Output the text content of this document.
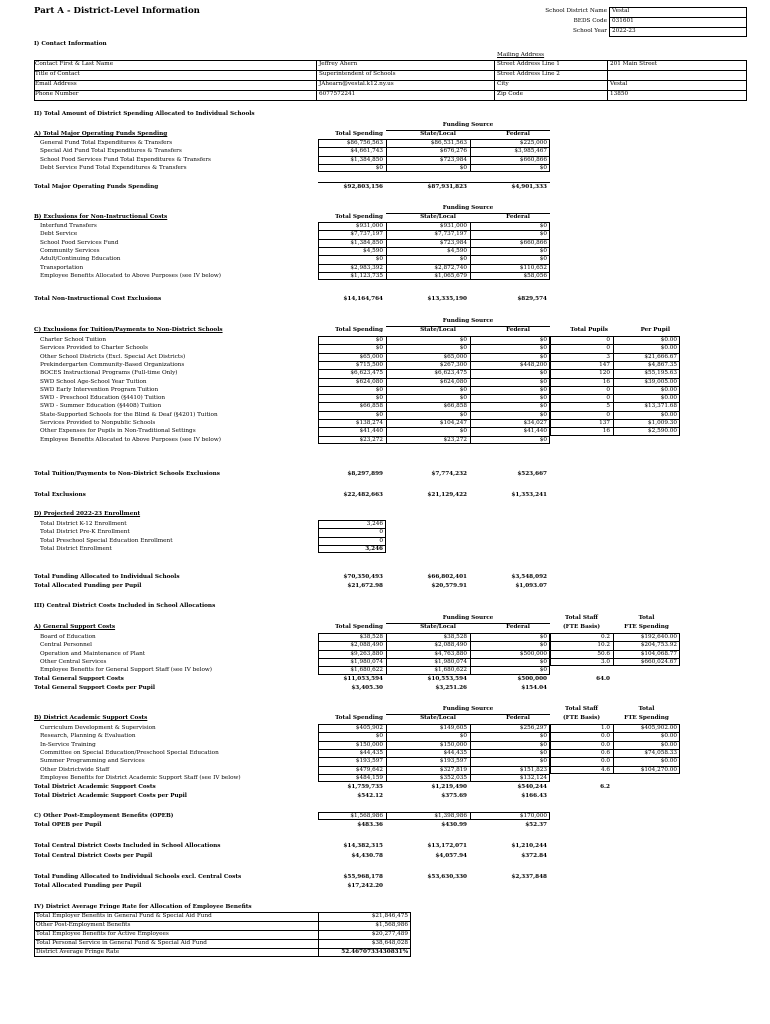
Part A - District-Level Information	School District Name Vestal
BEDS Code 031601
School Year 2022-23
I) Contact Information
Mailing Address
Contact First & Last Name	Jeffrey Ahern	Street Address Line 1	201 Main Street
Title of Contact	Superintendent of Schools	Street Address Line 2
Email Address	JAhearn@vestal.k12.ny.us	City	Vestal
Phone Number	6077572241	Zip Code	13850
II) Total Amount of District Spending Allocated to Individual Schools
Funding Source
A) Total Major Operating Funds Spending	Total Spending	State/Local	Federal
General Fund Total Expenditures & Transfers	$86,756,563	$86,531,563	$225,000
Special Aid Fund Total Expenditures & Transfers	$4,661,743	$676,276	$3,985,467
School Food Services Fund Total Expenditures & Transfers	$1,384,850	$723,984	$660,866
Debt Service Fund Total Expenditures & Transfers	$0	$0	$0
Total Major Operating Funds Spending	$92,803,156	$87,931,823	$4,901,333
Funding Source
B) Exclusions for Non-Instructional Costs	Total Spending	State/Local	Federal
Interfund Transfers	$931,000	$931,000	$0
Debt Service	$7,737,197	$7,737,197	$0
School Food Services Fund	$1,384,850	$723,984	$660,866
Community Services	$4,590	$4,590	$0
Adult/Continuing Education	$0	$0	$0
Transportation	$2,983,392	$2,872,740	$110,652
Employee Benefits Allocated to Above Purposes (see IV below)	$1,123,735	$1,065,679	$58,056
Total Non-Instructional Cost Exclusions	$14,164,764	$13,335,190	$829,574
Funding Source
C) Exclusions for Tuition/Payments to Non-District Schools	Total Spending	State/Local	Federal	Total Pupils	Per Pupil
Charter School Tuition	$0	$0	$0	0	$0.00
Services Provided to Charter Schools	$0	$0	$0	0	$0.00
Other School Districts (Excl. Special Act Districts)	$65,000	$65,000	$0	3	$21,666.67
Prekindergarten Community-Based Organizations	$715,500	$267,300	$448,200	147	$4,867.35
BOCES Instructional Programs (Full-time Only)	$6,623,475	$6,623,475	$0	120	$55,195.63
SWD School Age-School Year Tuition	$624,080	$624,080	$0	16	$39,005.00
SWD Early Intervention Program Tuition	$0	$0	$0	0	$0.00
SWD - Preschool Education (§4410) Tuition	$0	$0	$0	0	$0.00
SWD - Summer Education (§4408) Tuition	$66,858	$66,858	$0	5	$13,371.68
State-Supported Schools for the Blind & Deaf (§4201) Tuition	$0	$0	$0	0	$0.00
Services Provided to Nonpublic Schools	$138,274	$104,247	$34,027	137	$1,009.30
Other Expenses for Pupils in Non-Traditional Settings	$41,440	$0	$41,440	16	$2,590.00
Employee Benefits Allocated to Above Purposes (see IV below)	$23,272	$23,272	$0
Total Tuition/Payments to Non-District Schools Exclusions	$8,297,899	$7,774,232	$523,667
Total Exclusions	$22,482,663	$21,129,422	$1,353,241
D) Projected 2022-23 Enrollment
Total District K-12 Enrollment	3,246
Total District Pre-K Enrollment	0
Total Preschool Special Education Enrollment	0
Total District Enrollment	3,246
Total Funding Allocated to Individual Schools	$70,350,493	$66,802,401	$3,548,092
Total Allocated Funding per Pupil	$21,672.98	$20,579.91	$1,093.07
III) Central District Costs Included in School Allocations
Funding Source	Total Staff	Total
A) General Support Costs	Total Spending	State/Local	Federal	(FTE Basis)	FTE Spending
Board of Education	$38,528	$38,528	$0	0.2	$192,640.00
Central Personnel	$2,088,490	$2,088,490	$0	10.2	$204,753.92
Operation and Maintenance of Plant	$9,263,880	$4,763,880	$500,000	50.6	$104,068.77
Other Central Services	$1,980,074	$1,980,074	$0	3.0	$660,024.67
Employee Benefits for General Support Staff (see IV below)	$1,680,622	$1,680,622	$0
Total General Support Costs	$11,053,594	$10,553,594	$500,000	64.0
Total General Support Costs per Pupil	$3,405.30	$3,251.26	$154.04
Funding Source	Total Staff	Total
B) District Academic Support Costs	Total Spending	State/Local	Federal	(FTE Basis)	FTE Spending
Curriculum Development & Supervision	$405,902	$149,605	$256,297	1.0	$405,902.00
Research, Planning & Evaluation	$0	$0	$0	0.0	$0.00
In-Service Training	$150,000	$150,000	$0	0.0	$0.00
Committee on Special Education/Preschool Special Education	$44,435	$44,435	$0	0.6	$74,058.33
Summer Programming and Services	$193,597	$193,597	$0	0.0	$0.00
Other Districtwide Staff	$479,642	$327,819	$151,823	4.6	$104,270.00
Employee Benefits for District Academic Support Staff (see IV below)	$484,159	$352,035	$132,124
Total District Academic Support Costs	$1,759,735	$1,219,490	$540,244	6.2
Total District Academic Support Costs per Pupil	$542.12	$375.69	$166.43
C) Other Post-Employment Benefits (OPEB)	$1,568,986	$1,398,986	$170,000
Total OPEB per Pupil	$483.36	$430.99	$52.37
Total Central District Costs Included in School Allocations	$14,382,315	$13,172,071	$1,210,244
Total Central District Costs per Pupil	$4,430.78	$4,057.94	$372.84
Total Funding Allocated to Individual Schools excl. Central Costs	$55,968,178	$53,630,330	$2,337,848
Total Allocated Funding per Pupil	$17,242.20
IV) District Average Fringe Rate for Allocation of Employee Benefits
Total Employer Benefits in General Fund & Special Aid Fund	$21,846,475
Other Post-Employment Benefits	$1,568,986
Total Employee Benefits for Active Employees	$20,277,489
Total Personal Service in General Fund & Special Aid Fund	$38,648,028
District Average Fringe Rate	52.4670733430831%
